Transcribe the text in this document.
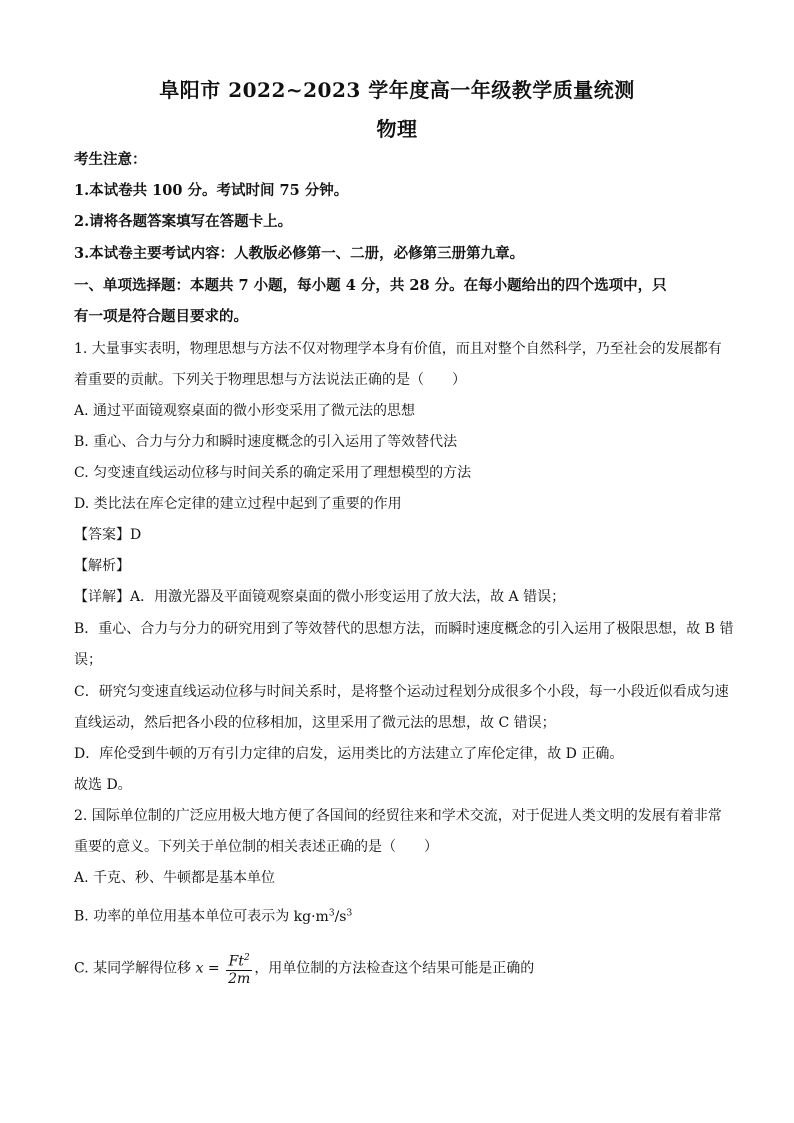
阜阳市 2022~2023 学年度高一年级教学质量统测
物理
考生注意：
1.本试卷共 100 分。考试时间 75 分钟。
2.请将各题答案填写在答题卡上。
3.本试卷主要考试内容：人教版必修第一、二册，必修第三册第九章。
一、单项选择题：本题共 7 小题，每小题 4 分，共 28 分。在每小题给出的四个选项中，只
有一项是符合题目要求的。
1. 大量事实表明，物理思想与方法不仅对物理学本身有价值，而且对整个自然科学，乃至社会的发展都有
着重要的贡献。下列关于物理思想与方法说法正确的是（　　）
A. 通过平面镜观察桌面的微小形变采用了微元法的思想
B. 重心、合力与分力和瞬时速度概念的引入运用了等效替代法
C. 匀变速直线运动位移与时间关系的确定采用了理想模型的方法
D. 类比法在库仑定律的建立过程中起到了重要的作用
【答案】D
【解析】
【详解】A．用激光器及平面镜观察桌面的微小形变运用了放大法，故 A 错误；
B．重心、合力与分力的研究用到了等效替代的思想方法，而瞬时速度概念的引入运用了极限思想，故 B 错
误；
C．研究匀变速直线运动位移与时间关系时，是将整个运动过程划分成很多个小段，每一小段近似看成匀速
直线运动，然后把各小段的位移相加，这里采用了微元法的思想，故 C 错误；
D．库伦受到牛顿的万有引力定律的启发，运用类比的方法建立了库伦定律，故 D 正确。
故选 D。
2. 国际单位制的广泛应用极大地方便了各国间的经贸往来和学术交流，对于促进人类文明的发展有着非常
重要的意义。下列关于单位制的相关表述正确的是（　　）
A. 千克、秒、牛顿都是基本单位
B. 功率的单位用基本单位可表示为 $kg\cdot m^3/s^3$
C. 某同学解得位移 $x = \frac{Ft^2}{2m}$ ，用单位制的方法检查这个结果可能是正确的
